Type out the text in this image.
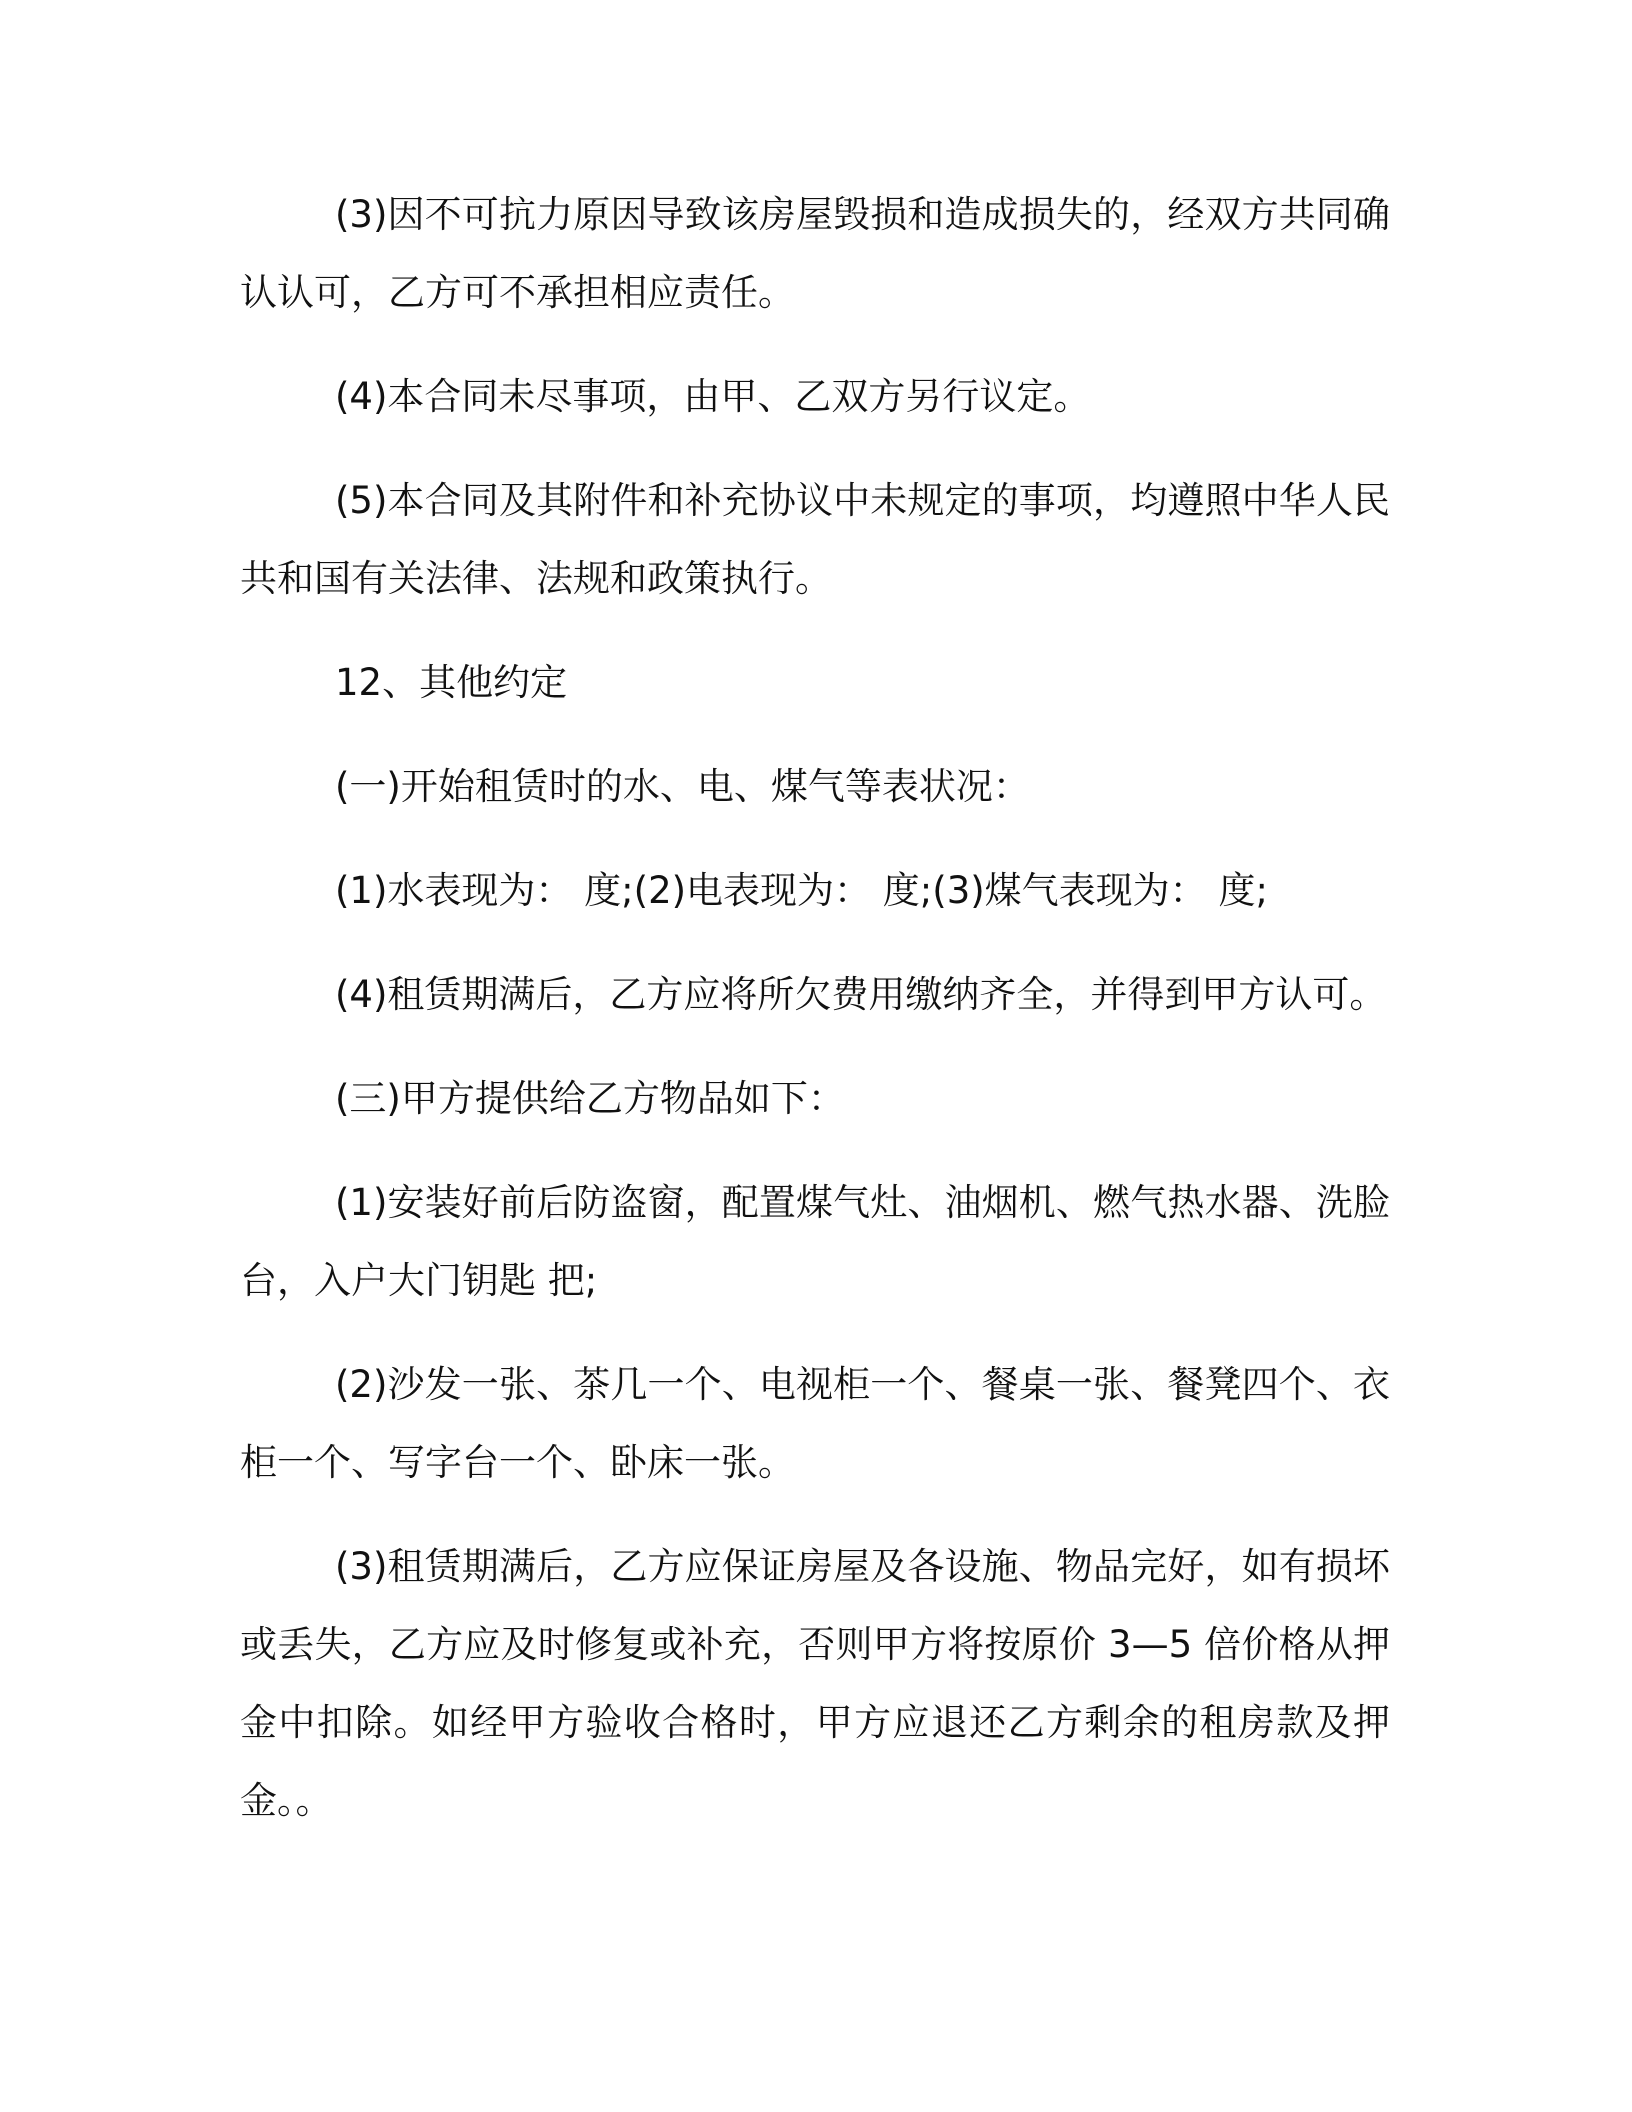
(3)因不可抗力原因导致该房屋毁损和造成损失的，经双方共同确认认可，乙方可不承担相应责任。

(4)本合同未尽事项，由甲、乙双方另行议定。

(5)本合同及其附件和补充协议中未规定的事项，均遵照中华人民共和国有关法律、法规和政策执行。

12、其他约定

(一)开始租赁时的水、电、煤气等表状况：

(1)水表现为： 度;(2)电表现为： 度;(3)煤气表现为： 度;

(4)租赁期满后，乙方应将所欠费用缴纳齐全，并得到甲方认可。

(三)甲方提供给乙方物品如下：

(1)安装好前后防盗窗，配置煤气灶、油烟机、燃气热水器、洗脸台，入户大门钥匙 把;

(2)沙发一张、茶几一个、电视柜一个、餐桌一张、餐凳四个、衣柜一个、写字台一个、卧床一张。

(3)租赁期满后，乙方应保证房屋及各设施、物品完好，如有损坏或丢失，乙方应及时修复或补充，否则甲方将按原价 3—5 倍价格从押金中扣除。如经甲方验收合格时，甲方应退还乙方剩余的租房款及押金。。
